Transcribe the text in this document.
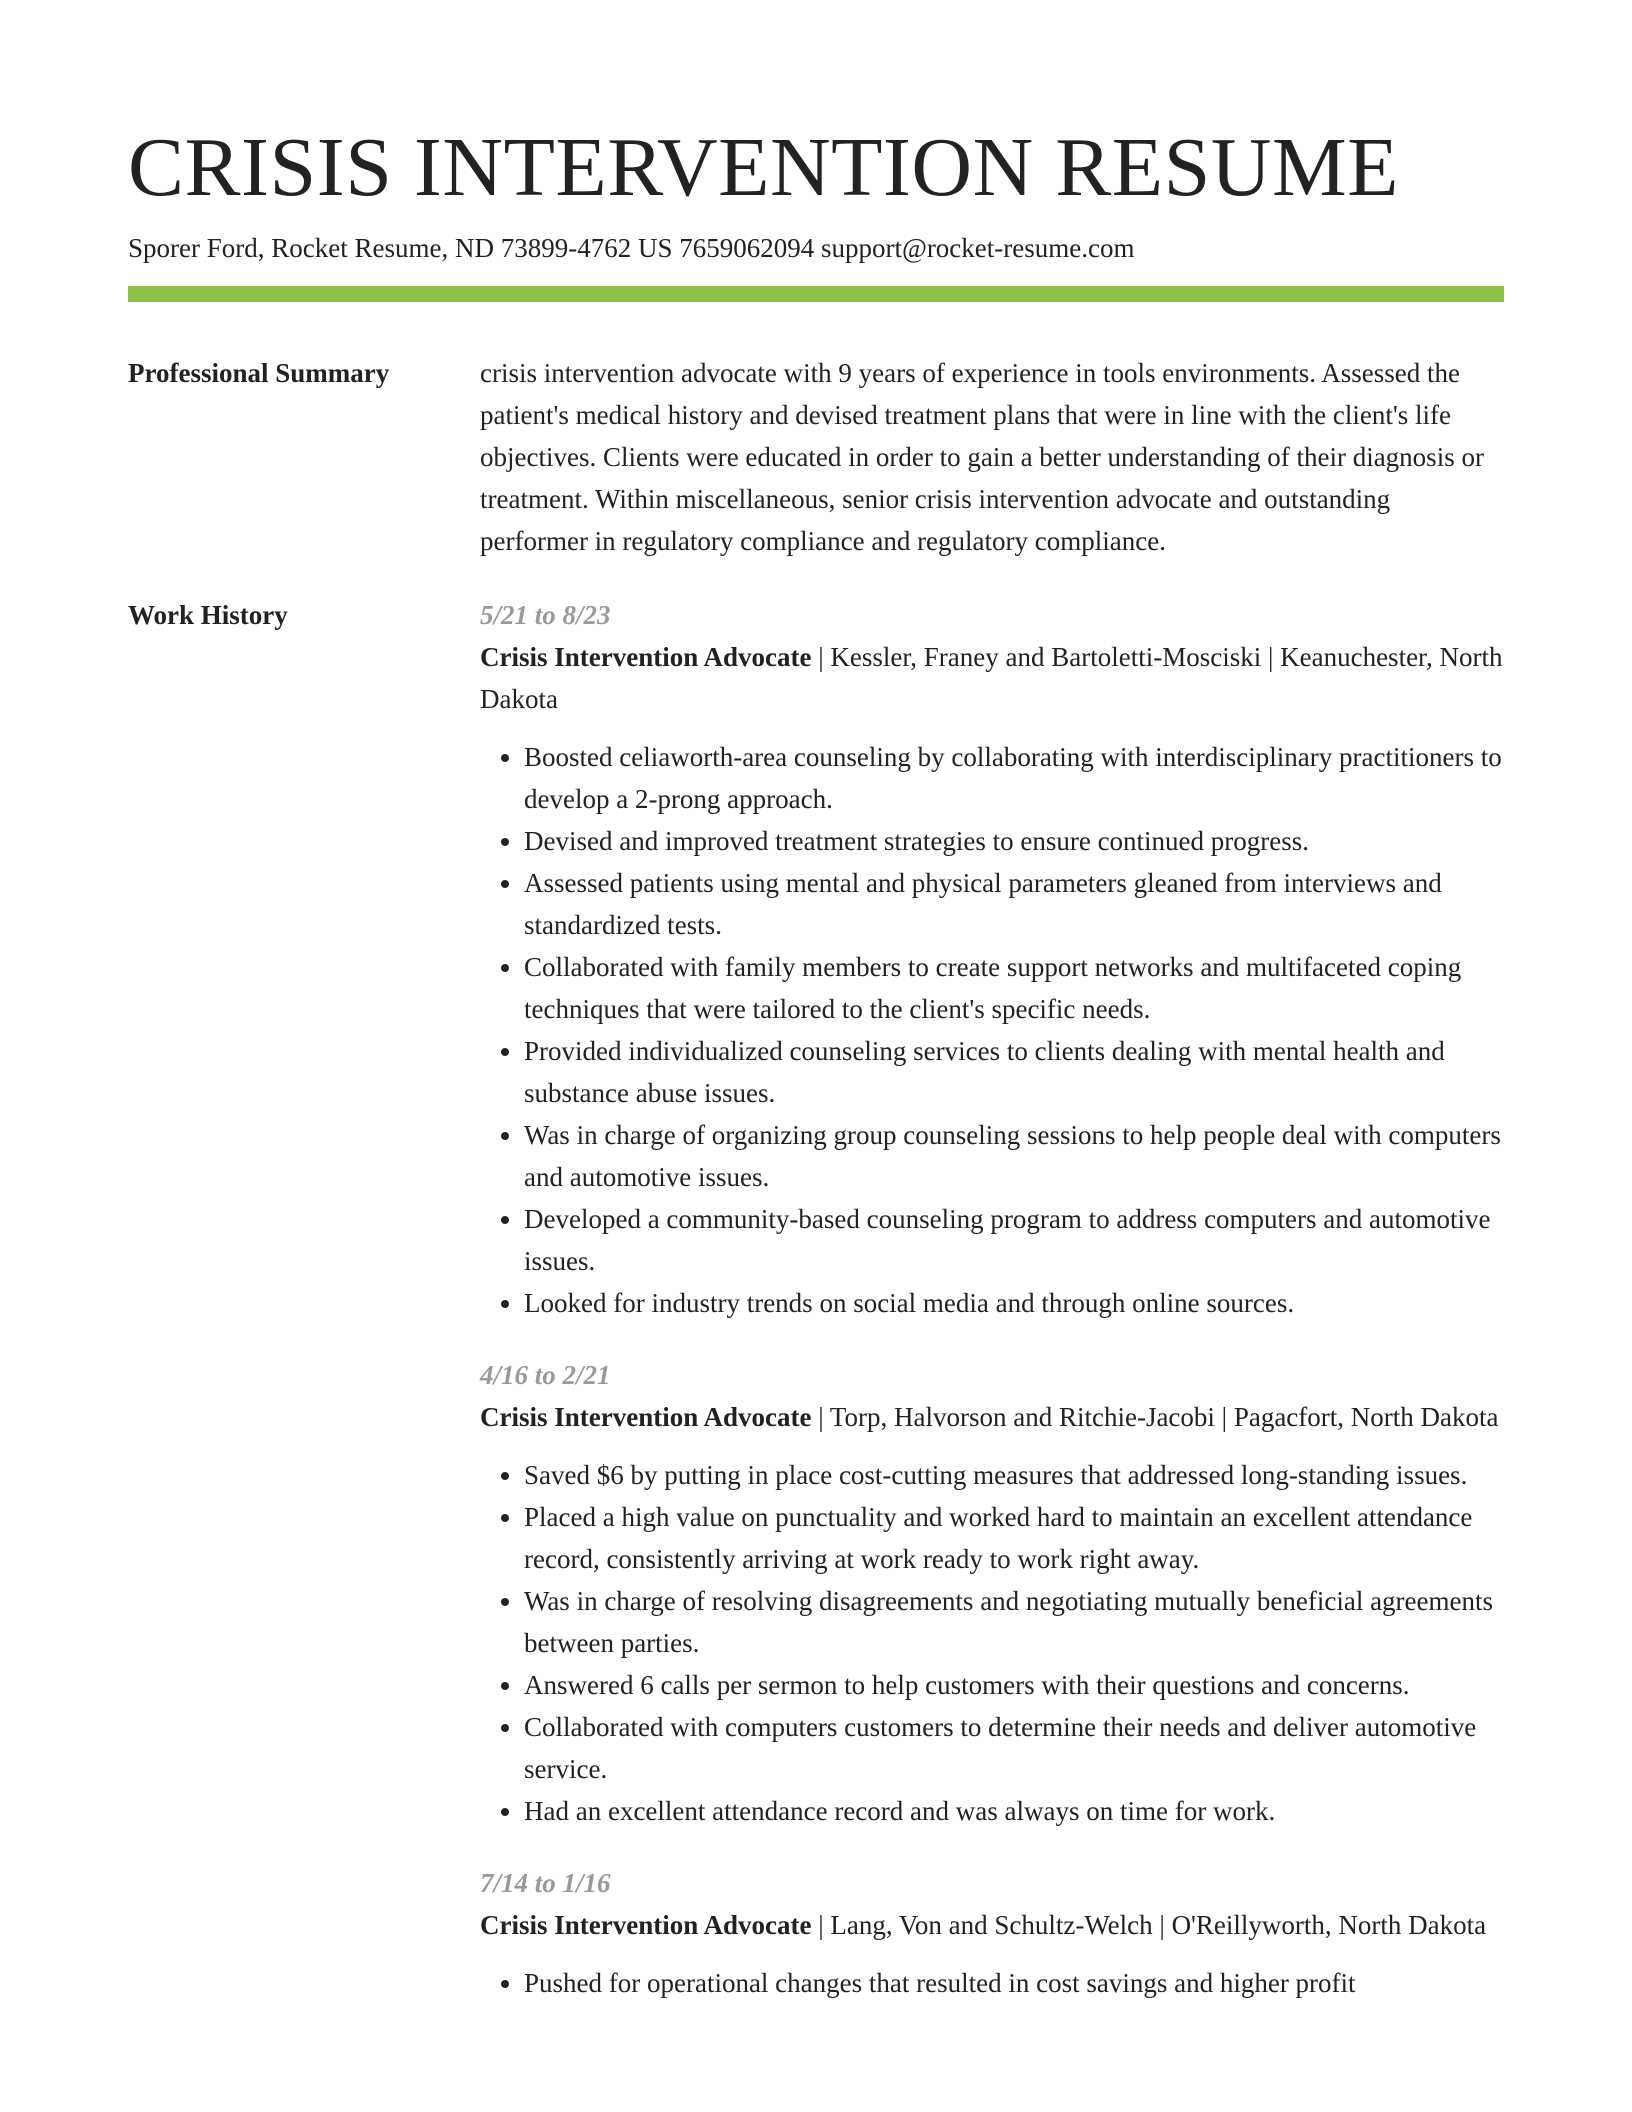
CRISIS INTERVENTION RESUME
Sporer Ford, Rocket Resume, ND 73899-4762 US 7659062094 support@rocket-resume.com
Professional Summary	crisis intervention advocate with 9 years of experience in tools environments. Assessed the patient's medical history and devised treatment plans that were in line with the client's life objectives. Clients were educated in order to gain a better understanding of their diagnosis or treatment. Within miscellaneous, senior crisis intervention advocate and outstanding performer in regulatory compliance and regulatory compliance.

Work History	5/21 to 8/23

Crisis Intervention Advocate | Kessler, Franey and Bartoletti-Mosciski | Keanuchester, North Dakota

• Boosted celiaworth-area counseling by collaborating with interdisciplinary practitioners to develop a 2-prong approach.
• Devised and improved treatment strategies to ensure continued progress.
• Assessed patients using mental and physical parameters gleaned from interviews and standardized tests.
• Collaborated with family members to create support networks and multifaceted coping techniques that were tailored to the client's specific needs.
• Provided individualized counseling services to clients dealing with mental health and substance abuse issues.
• Was in charge of organizing group counseling sessions to help people deal with computers and automotive issues.
• Developed a community-based counseling program to address computers and automotive issues.
• Looked for industry trends on social media and through online sources.
4/16 to 2/21

Crisis Intervention Advocate | Torp, Halvorson and Ritchie-Jacobi | Pagacfort, North Dakota

• Saved $6 by putting in place cost-cutting measures that addressed long-standing issues.
• Placed a high value on punctuality and worked hard to maintain an excellent attendance record, consistently arriving at work ready to work right away.
• Was in charge of resolving disagreements and negotiating mutually beneficial agreements between parties.
• Answered 6 calls per sermon to help customers with their questions and concerns.
• Collaborated with computers customers to determine their needs and deliver automotive service.
• Had an excellent attendance record and was always on time for work.
7/14 to 1/16

Crisis Intervention Advocate | Lang, Von and Schultz-Welch | O'Reillyworth, North Dakota

• Pushed for operational changes that resulted in cost savings and higher profit
